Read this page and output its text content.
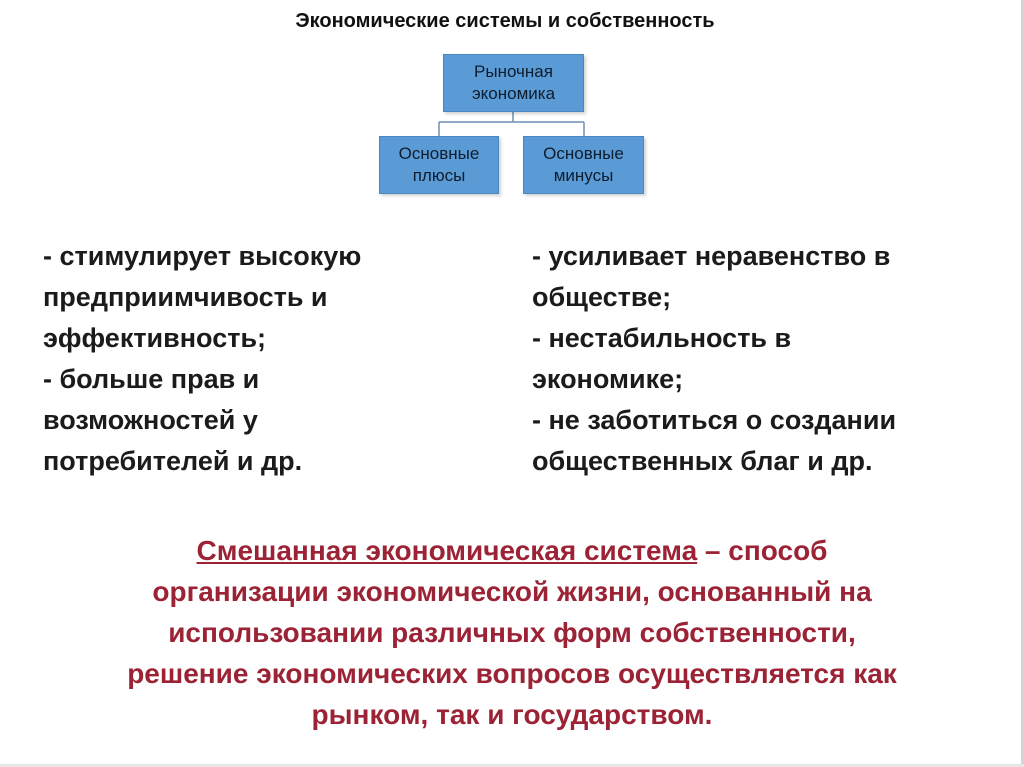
Экономические системы и собственность
Рыночная
экономика
Основные
плюсы
Основные
минусы
- стимулирует высокую
предприимчивость и
эффективность;
- больше прав и
возможностей у
потребителей и др.
- усиливает неравенство в
обществе;
- нестабильность в
экономике;
- не заботиться о создании
общественных благ и др.
Смешанная экономическая система – способ
организации экономической жизни, основанный на
использовании различных форм собственности,
решение экономических вопросов осуществляется как
рынком, так и государством.
